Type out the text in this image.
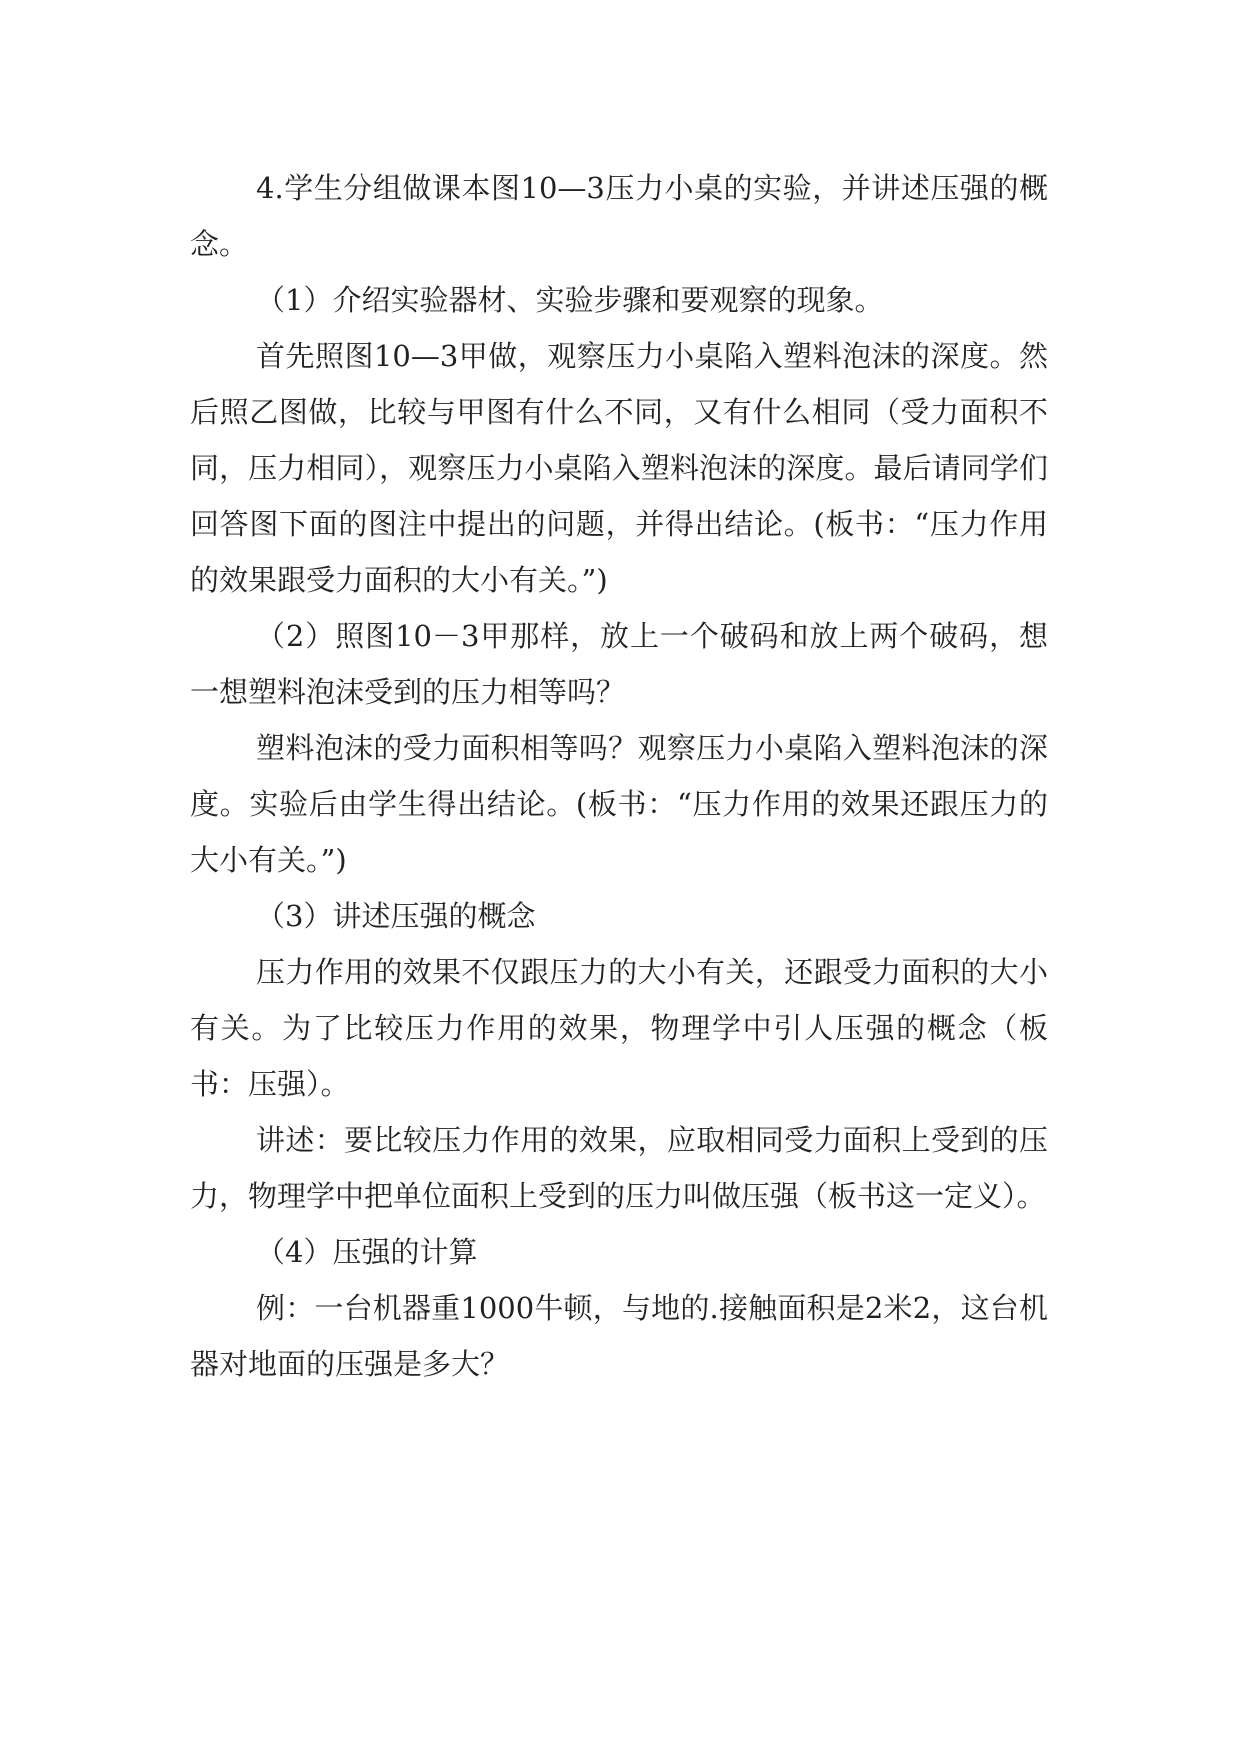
4.学生分组做课本图10—3压力小桌的实验，并讲述压强的概念。

（1）介绍实验器材、实验步骤和要观察的现象。

首先照图10—3甲做，观察压力小桌陷入塑料泡沫的深度。然后照乙图做，比较与甲图有什么不同，又有什么相同（受力面积不同，压力相同），观察压力小桌陷入塑料泡沫的深度。最后请同学们回答图下面的图注中提出的问题，并得出结论。(板书：“压力作用的效果跟受力面积的大小有关。”)

（2）照图10－3甲那样，放上一个破码和放上两个破码，想一想塑料泡沫受到的压力相等吗？

塑料泡沫的受力面积相等吗？观察压力小桌陷入塑料泡沫的深度。实验后由学生得出结论。(板书：“压力作用的效果还跟压力的大小有关。”)

（3）讲述压强的概念

压力作用的效果不仅跟压力的大小有关，还跟受力面积的大小有关。为了比较压力作用的效果，物理学中引人压强的概念（板书：压强）。

讲述：要比较压力作用的效果，应取相同受力面积上受到的压力，物理学中把单位面积上受到的压力叫做压强（板书这一定义）。

（4）压强的计算

例：一台机器重1000牛顿，与地的.接触面积是2米2，这台机器对地面的压强是多大？
